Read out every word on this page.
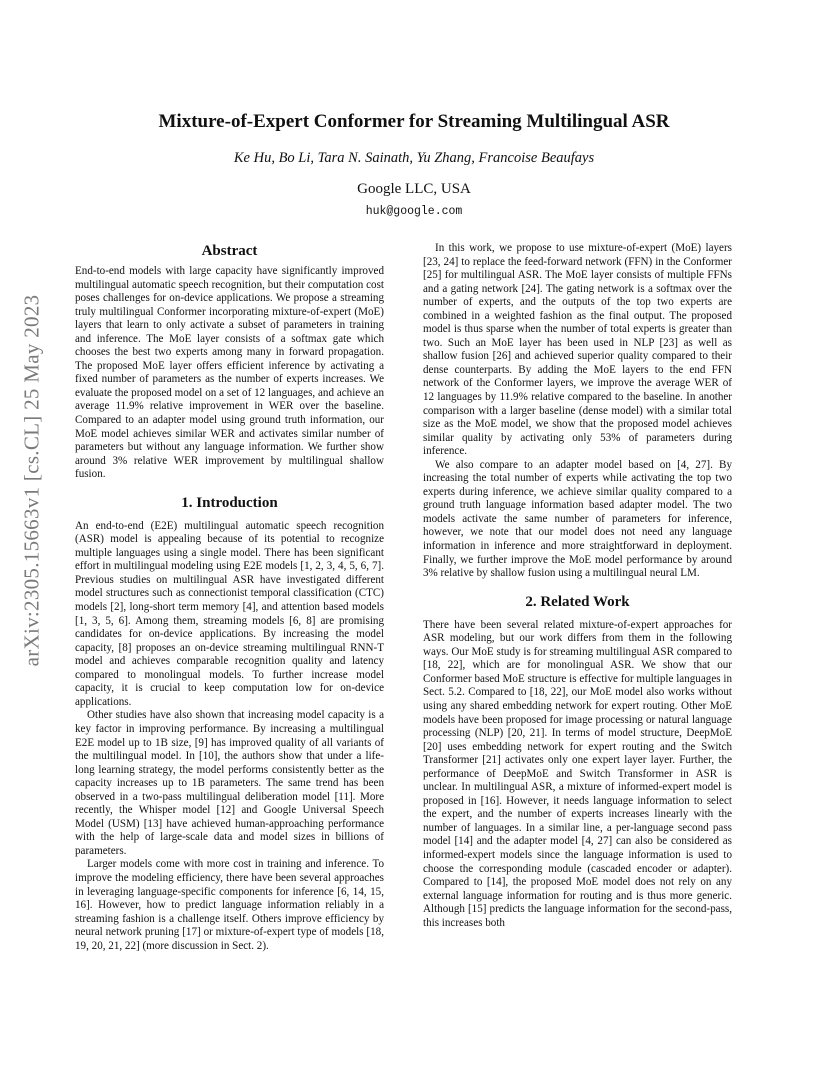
arXiv:2305.15663v1 [cs.CL] 25 May 2023
Mixture-of-Expert Conformer for Streaming Multilingual ASR
Ke Hu, Bo Li, Tara N. Sainath, Yu Zhang, Francoise Beaufays
Google LLC, USA
huk@google.com
Abstract

End-to-end models with large capacity have significantly improved multilingual automatic speech recognition, but their computation cost poses challenges for on-device applications. We propose a streaming truly multilingual Conformer incorporating mixture-of-expert (MoE) layers that learn to only activate a subset of parameters in training and inference. The MoE layer consists of a softmax gate which chooses the best two experts among many in forward propagation. The proposed MoE layer offers efficient inference by activating a fixed number of parameters as the number of experts increases. We evaluate the proposed model on a set of 12 languages, and achieve an average 11.9% relative improvement in WER over the baseline. Compared to an adapter model using ground truth information, our MoE model achieves similar WER and activates similar number of parameters but without any language information. We further show around 3% relative WER improvement by multilingual shallow fusion.

1. Introduction

An end-to-end (E2E) multilingual automatic speech recognition (ASR) model is appealing because of its potential to recognize multiple languages using a single model. There has been significant effort in multilingual modeling using E2E models [1, 2, 3, 4, 5, 6, 7]. Previous studies on multilingual ASR have investigated different model structures such as connectionist temporal classification (CTC) models [2], long-short term memory [4], and attention based models [1, 3, 5, 6]. Among them, streaming models [6, 8] are promising candidates for on-device applications. By increasing the model capacity, [8] proposes an on-device streaming multilingual RNN-T model and achieves comparable recognition quality and latency compared to monolingual models. To further increase model capacity, it is crucial to keep computation low for on-device applications.

Other studies have also shown that increasing model capacity is a key factor in improving performance. By increasing a multilingual E2E model up to 1B size, [9] has improved quality of all variants of the multilingual model. In [10], the authors show that under a life-long learning strategy, the model performs consistently better as the capacity increases up to 1B parameters. The same trend has been observed in a two-pass multilingual deliberation model [11]. More recently, the Whisper model [12] and Google Universal Speech Model (USM) [13] have achieved human-approaching performance with the help of large-scale data and model sizes in billions of parameters.

Larger models come with more cost in training and inference. To improve the modeling efficiency, there have been several approaches in leveraging language-specific components for inference [6, 14, 15, 16]. However, how to predict language information reliably in a streaming fashion is a challenge itself. Others improve efficiency by neural network pruning [17] or mixture-of-expert type of models [18, 19, 20, 21, 22] (more discussion in Sect. 2).

In this work, we propose to use mixture-of-expert (MoE) layers [23, 24] to replace the feed-forward network (FFN) in the Conformer [25] for multilingual ASR. The MoE layer consists of multiple FFNs and a gating network [24]. The gating network is a softmax over the number of experts, and the outputs of the top two experts are combined in a weighted fashion as the final output. The proposed model is thus sparse when the number of total experts is greater than two. Such an MoE layer has been used in NLP [23] as well as shallow fusion [26] and achieved superior quality compared to their dense counterparts. By adding the MoE layers to the end FFN network of the Conformer layers, we improve the average WER of 12 languages by 11.9% relative compared to the baseline. In another comparison with a larger baseline (dense model) with a similar total size as the MoE model, we show that the proposed model achieves similar quality by activating only 53% of parameters during inference.

We also compare to an adapter model based on [4, 27]. By increasing the total number of experts while activating the top two experts during inference, we achieve similar quality compared to a ground truth language information based adapter model. The two models activate the same number of parameters for inference, however, we note that our model does not need any language information in inference and more straightforward in deployment. Finally, we further improve the MoE model performance by around 3% relative by shallow fusion using a multilingual neural LM.

2. Related Work

There have been several related mixture-of-expert approaches for ASR modeling, but our work differs from them in the following ways. Our MoE study is for streaming multilingual ASR compared to [18, 22], which are for monolingual ASR. We show that our Conformer based MoE structure is effective for multiple languages in Sect. 5.2. Compared to [18, 22], our MoE model also works without using any shared embedding network for expert routing. Other MoE models have been proposed for image processing or natural language processing (NLP) [20, 21]. In terms of model structure, DeepMoE [20] uses embedding network for expert routing and the Switch Transformer [21] activates only one expert layer layer. Further, the performance of DeepMoE and Switch Transformer in ASR is unclear. In multilingual ASR, a mixture of informed-expert model is proposed in [16]. However, it needs language information to select the expert, and the number of experts increases linearly with the number of languages. In a similar line, a per-language second pass model [14] and the adapter model [4, 27] can also be considered as informed-expert models since the language information is used to choose the corresponding module (cascaded encoder or adapter). Compared to [14], the proposed MoE model does not rely on any external language information for routing and is thus more generic. Although [15] predicts the language information for the second-pass, this increases both
